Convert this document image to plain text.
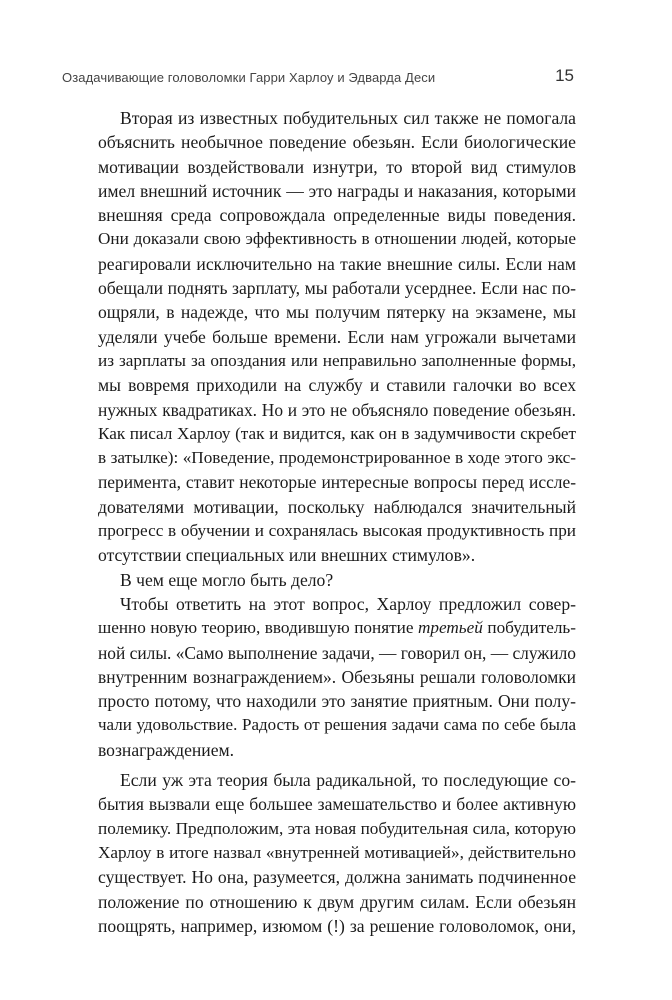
Озадачивающие головоломки Гарри Харлоу и Эдварда Деси	15
Вторая из известных побудительных сил также не помогала
объяснить необычное поведение обезьян. Если биологические
мотивации воздействовали изнутри, то второй вид стимулов
имел внешний источник — это награды и наказания, которыми
внешняя среда сопровождала определенные виды поведения.
Они доказали свою эффективность в отношении людей, которые
реагировали исключительно на такие внешние силы. Если нам
обещали поднять зарплату, мы работали усерднее. Если нас по-
ощряли, в надежде, что мы получим пятерку на экзамене, мы
уделяли учебе больше времени. Если нам угрожали вычетами
из зарплаты за опоздания или неправильно заполненные формы,
мы вовремя приходили на службу и ставили галочки во всех
нужных квадратиках. Но и это не объясняло поведение обезьян.
Как писал Харлоу (так и видится, как он в задумчивости скребет
в затылке): «Поведение, продемонстрированное в ходе этого экс-
перимента, ставит некоторые интересные вопросы перед иссле-
дователями мотивации, поскольку наблюдался значительный
прогресс в обучении и сохранялась высокая продуктивность при
отсутствии специальных или внешних стимулов».
В чем еще могло быть дело?
Чтобы ответить на этот вопрос, Харлоу предложил совер-
шенно новую теорию, вводившую понятие третьей побудитель-
ной силы. «Само выполнение задачи, — говорил он, — служило
внутренним вознаграждением». Обезьяны решали головоломки
просто потому, что находили это занятие приятным. Они полу-
чали удовольствие. Радость от решения задачи сама по себе была
вознаграждением.
Если уж эта теория была радикальной, то последующие со-
бытия вызвали еще большее замешательство и более активную
полемику. Предположим, эта новая побудительная сила, которую
Харлоу в итоге назвал «внутренней мотивацией», действительно
существует. Но она, разумеется, должна занимать подчиненное
положение по отношению к двум другим силам. Если обезьян
поощрять, например, изюмом (!) за решение головоломок, они,
